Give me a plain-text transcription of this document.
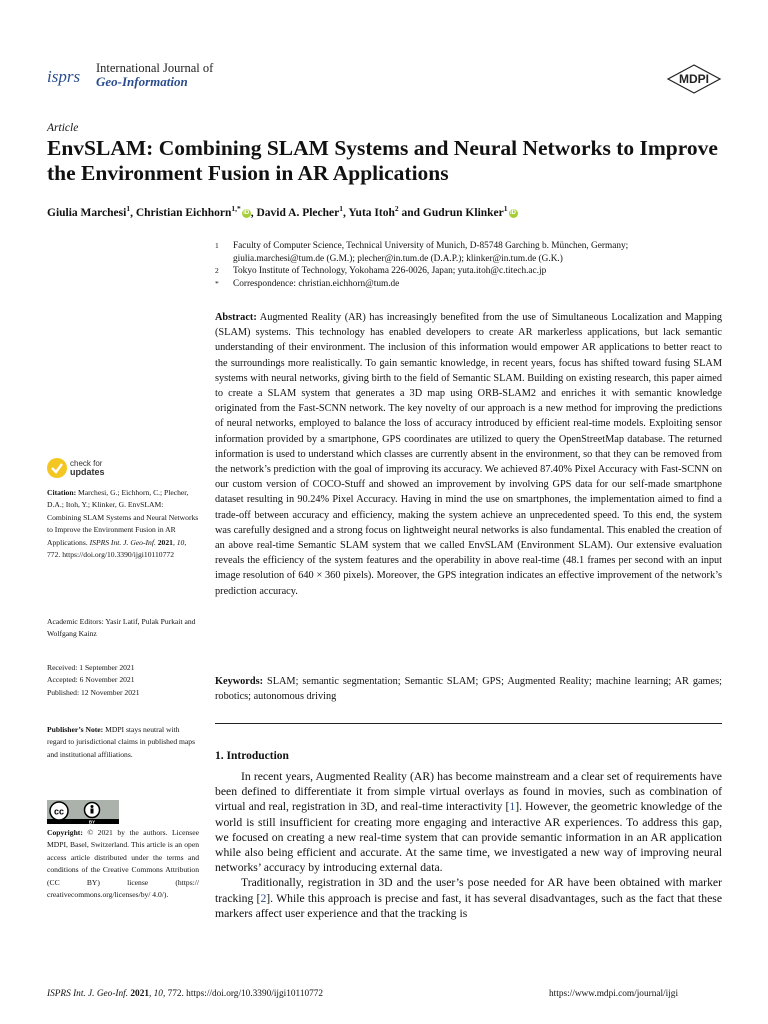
isprs International Journal of
Geo-Information	MDPI
Article
EnvSLAM: Combining SLAM Systems and Neural Networks to Improve the Environment Fusion in AR Applications
Giulia Marchesi$^1$, Christian Eichhorn$^{1,*}$ iD , David A. Plecher$^1$, Yuta Itoh$^2$ and Gudrun Klinker$^1$ iD
1	Faculty of Computer Science, Technical University of Munich, D-85748 Garching b. München, Germany;
giulia.marchesi@tum.de (G.M.); plecher@in.tum.de (D.A.P.); klinker@in.tum.de (G.K.)
2	Tokyo Institute of Technology, Yokohama 226-0026, Japan; yuta.itoh@c.titech.ac.jp
*	Correspondence: christian.eichhorn@tum.de
Abstract: Augmented Reality (AR) has increasingly benefited from the use of Simultaneous Localization and Mapping (SLAM) systems. This technology has enabled developers to create AR markerless applications, but lack semantic understanding of their environment. The inclusion of this information would empower AR applications to better react to the surroundings more realistically. To gain semantic knowledge, in recent years, focus has shifted toward fusing SLAM systems with neural networks, giving birth to the field of Semantic SLAM. Building on existing research, this paper aimed to create a SLAM system that generates a 3D map using ORB-SLAM2 and enriches it with semantic knowledge originated from the Fast-SCNN network. The key novelty of our approach is a new method for improving the predictions of neural networks, employed to balance the loss of accuracy introduced by efficient real-time models. Exploiting sensor information provided by a smartphone, GPS coordinates are utilized to query the OpenStreetMap database. The returned information is used to understand which classes are currently absent in the environment, so that they can be removed from the network’s prediction with the goal of improving its accuracy. We achieved 87.40% Pixel Accuracy with Fast-SCNN on our custom version of COCO-Stuff and showed an improvement by involving GPS data for our self-made smartphone dataset resulting in 90.24% Pixel Accuracy. Having in mind the use on smartphones, the implementation aimed to find a trade-off between accuracy and efficiency, making the system achieve an unprecedented speed. To this end, the system was carefully designed and a strong focus on lightweight neural networks is also fundamental. This enabled the creation of an above real-time Semantic SLAM system that we called EnvSLAM (Environment SLAM). Our extensive evaluation reveals the efficiency of the system features and the operability in above real-time (48.1 frames per second with an input image resolution of 640 × 360 pixels). Moreover, the GPS integration indicates an effective improvement of the network’s prediction accuracy.
Keywords: SLAM; semantic segmentation; Semantic SLAM; GPS; Augmented Reality; machine learning; AR games; robotics; autonomous driving
1. Introduction

In recent years, Augmented Reality (AR) has become mainstream and a clear set of requirements have been defined to differentiate it from simple virtual overlays as found in movies, such as combination of virtual and real, registration in 3D, and real-time interactivity [1]. However, the geometric knowledge of the world is still insufficient for creating more engaging and interactive AR experiences. To address this gap, we focused on creating a new real-time system that can provide semantic information in an AR application while also being efficient and accurate. At the same time, we investigated a new way of improving neural networks’ accuracy by introducing external data.

Traditionally, registration in 3D and the user’s pose needed for AR have been obtained with marker tracking [2]. While this approach is precise and fast, it has several disadvantages, such as the fact that these markers affect user experience and that the tracking is

check for
updates
Citation: Marchesi, G.; Eichhorn, C.; Plecher, D.A.; Itoh, Y.; Klinker, G. EnvSLAM: Combining SLAM Systems and Neural Networks to Improve the Environment Fusion in AR Applications. ISPRS Int. J. Geo-Inf. 2021, 10, 772. https://doi.org/10.3390/ijgi10110772
Academic Editors: Yasir Latif, Pulak Purkait and Wolfgang Kainz
Received: 1 September 2021
Accepted: 6 November 2021
Published: 12 November 2021
Publisher’s Note: MDPI stays neutral with regard to jurisdictional claims in published maps and institutional affiliations.
cc
BY
Copyright: © 2021 by the authors. Licensee MDPI, Basel, Switzerland. This article is an open access article distributed under the terms and conditions of the Creative Commons Attribution (CC BY) license (https:// creativecommons.org/licenses/by/ 4.0/).
ISPRS Int. J. Geo-Inf. 2021, 10, 772. https://doi.org/10.3390/ijgi10110772	https://www.mdpi.com/journal/ijgi
